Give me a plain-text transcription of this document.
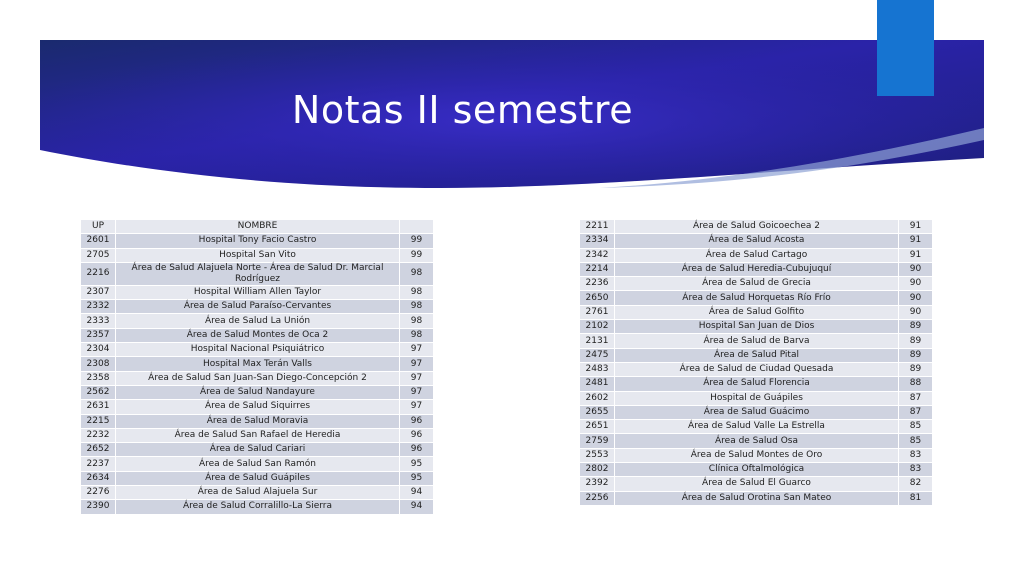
Notas II semestre
UP	NOMBRE	
2601	Hospital Tony Facio Castro	99
2705	Hospital San Vito	99
2216	Área de Salud Alajuela Norte - Área de Salud Dr. Marcial Rodríguez	98
2307	Hospital William Allen Taylor	98
2332	Área de Salud Paraíso-Cervantes	98
2333	Área de Salud La Unión	98
2357	Área de Salud Montes de Oca 2	98
2304	Hospital Nacional Psiquiátrico	97
2308	Hospital Max Terán Valls	97
2358	Área de Salud San Juan-San Diego-Concepción 2	97
2562	Área de Salud Nandayure	97
2631	Área de Salud Siquirres	97
2215	Área de Salud Moravia	96
2232	Área de Salud San Rafael de Heredia	96
2652	Área de Salud Cariari	96
2237	Área de Salud San Ramón	95
2634	Área de Salud Guápiles	95
2276	Área de Salud Alajuela Sur	94
2390	Área de Salud Corralillo-La Sierra	94
2211	Área de Salud Goicoechea 2	91
2334	Área de Salud Acosta	91
2342	Área de Salud Cartago	91
2214	Área de Salud Heredia-Cubujuquí	90
2236	Área de Salud de Grecia	90
2650	Área de Salud Horquetas Río Frío	90
2761	Área de Salud Golfito	90
2102	Hospital San Juan de Dios	89
2131	Área de Salud de Barva	89
2475	Área de Salud Pital	89
2483	Área de Salud de Ciudad Quesada	89
2481	Área de Salud Florencia	88
2602	Hospital de Guápiles	87
2655	Área de Salud Guácimo	87
2651	Área de Salud Valle La Estrella	85
2759	Área de Salud Osa	85
2553	Área de Salud Montes de Oro	83
2802	Clínica Oftalmológica	83
2392	Área de Salud El Guarco	82
2256	Área de Salud Orotina San Mateo	81
